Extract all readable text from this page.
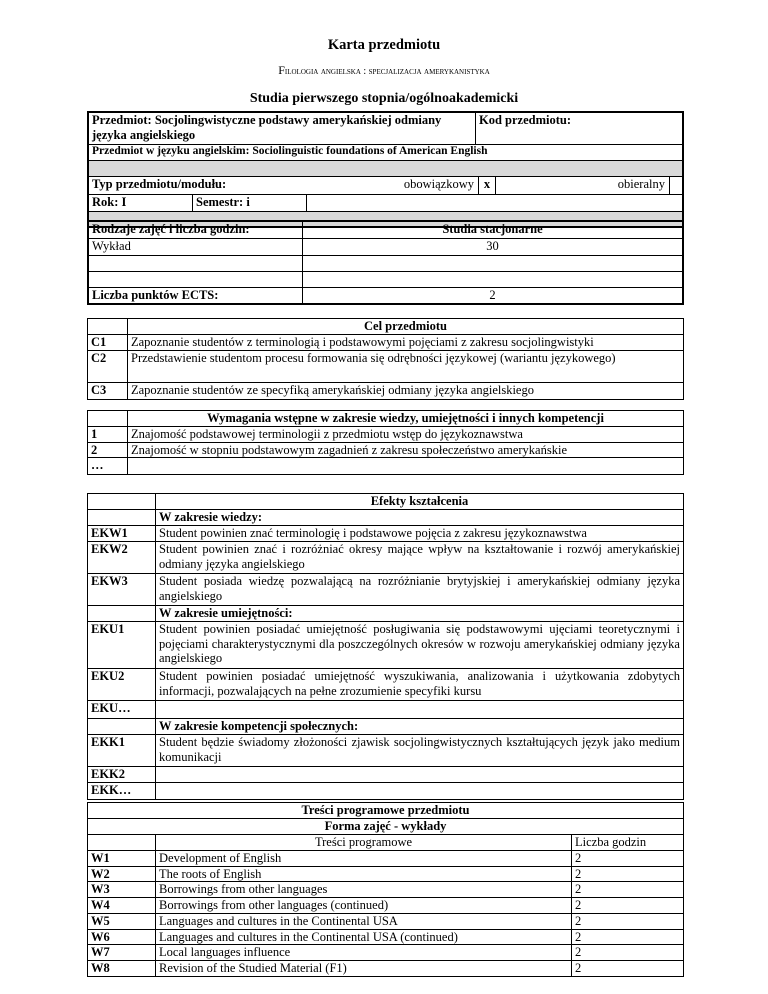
Karta przedmiotu
Filologia angielska : specjalizacja amerykanistyka
Studia pierwszego stopnia/ogólnoakademicki
Przedmiot: Socjolingwistyczne podstawy amerykańskiej odmiany języka angielskiego	Kod przedmiotu:
Przedmiot w języku angielskim: Sociolinguistic foundations of American English

Typ przedmiotu/modułu:	obowiązkowy x	obieralny

Rok: I	Semestr: i

Rodzaje zajęć i liczba godzin:	Studia stacjonarne
Wykład	30

Liczba punktów ECTS:	2
	Cel przedmiotu
C1	Zapoznanie studentów z terminologią i podstawowymi pojęciami z zakresu socjolingwistyki
C2	Przedstawienie studentom procesu formowania się odrębności językowej (wariantu językowego)
C3	Zapoznanie studentów ze specyfiką amerykańskiej odmiany języka angielskiego
	Wymagania wstępne w zakresie wiedzy, umiejętności i innych kompetencji
1	Znajomość podstawowej terminologii z przedmiotu wstęp do językoznawstwa
2	Znajomość w stopniu podstawowym zagadnień z zakresu społeczeństwo amerykańskie
…	
	Efekty kształcenia
	W zakresie wiedzy:
EKW1	Student powinien znać terminologię i podstawowe pojęcia z zakresu językoznawstwa
EKW2	Student powinien znać i rozróżniać okresy mające wpływ na kształtowanie i rozwój amerykańskiej odmiany języka angielskiego
EKW3	Student posiada wiedzę pozwalającą na rozróżnianie brytyjskiej i amerykańskiej odmiany języka angielskiego
	W zakresie umiejętności:
EKU1	Student powinien posiadać umiejętność posługiwania się podstawowymi ujęciami teoretycznymi i pojęciami charakterystycznymi dla poszczególnych okresów w rozwoju amerykańskiej odmiany języka angielskiego
EKU2	Student powinien posiadać umiejętność wyszukiwania, analizowania i użytkowania zdobytych informacji, pozwalających na pełne zrozumienie specyfiki kursu
EKU…	
	W zakresie kompetencji społecznych:
EKK1	Student będzie świadomy złożoności zjawisk socjolingwistycznych kształtujących język jako medium komunikacji
EKK2	
EKK…	
Treści programowe przedmiotu		
Forma zajęć - wykłady		
	Treści programowe	Liczba godzin
W1	Development of English	2
W2	The roots of English	2
W3	Borrowings from other languages	2
W4	Borrowings from other languages (continued)	2
W5	Languages and cultures in the Continental USA	2
W6	Languages and cultures in the Continental USA (continued)	2
W7	Local languages influence	2
W8	Revision of the Studied Material (F1)	2
